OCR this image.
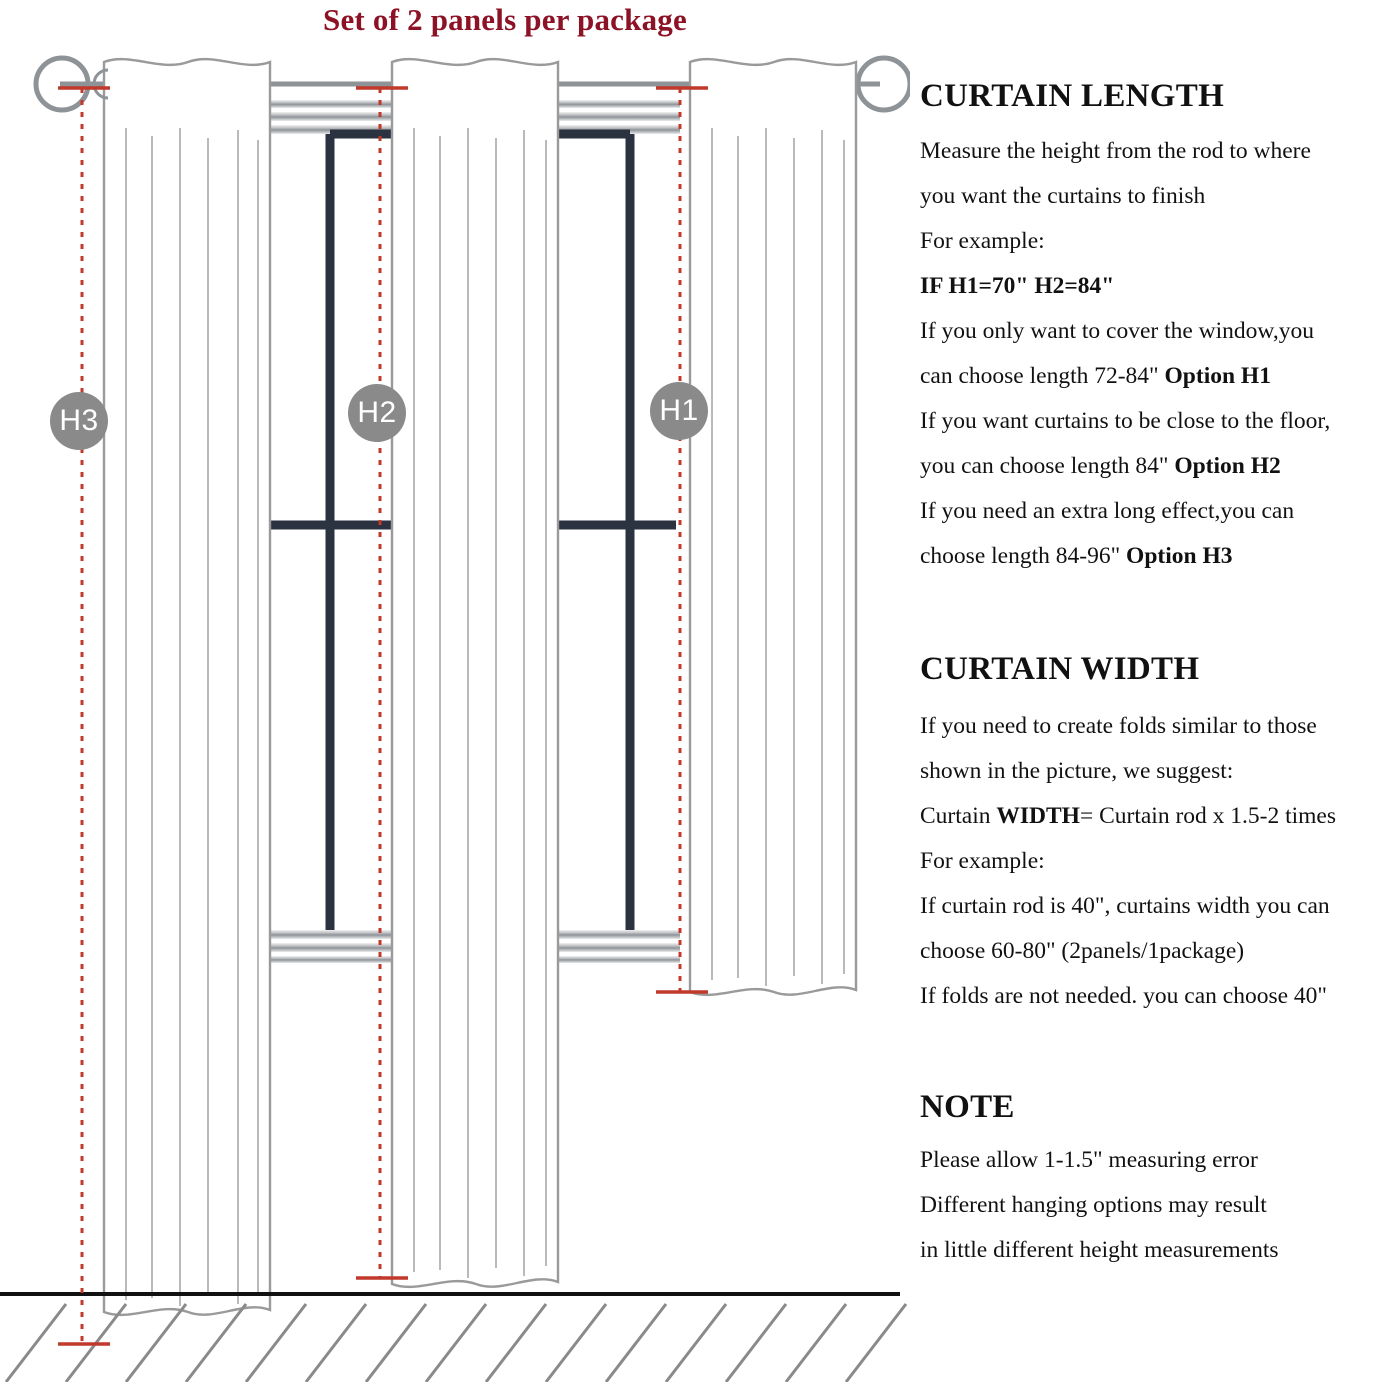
Set of 2 panels per package
H3	H2	H1
CURTAIN LENGTH

Measure the height from the rod to where

you want the curtains to finish

For example:

IF H1=70" H2=84"

If you only want to cover the window,you

can choose length 72-84" Option H1

If you want curtains to be close to the floor,

you can choose length 84" Option H2

If you need an extra long effect,you can

choose length 84-96" Option H3

CURTAIN WIDTH

If you need to create folds similar to those

shown in the picture, we suggest:

Curtain WIDTH= Curtain rod x 1.5-2 times

For example:

If curtain rod is 40", curtains width you can

choose 60-80" (2panels/1package)

If folds are not needed. you can choose 40"

NOTE

Please allow 1-1.5" measuring error

Different hanging options may result

in little different height measurements
